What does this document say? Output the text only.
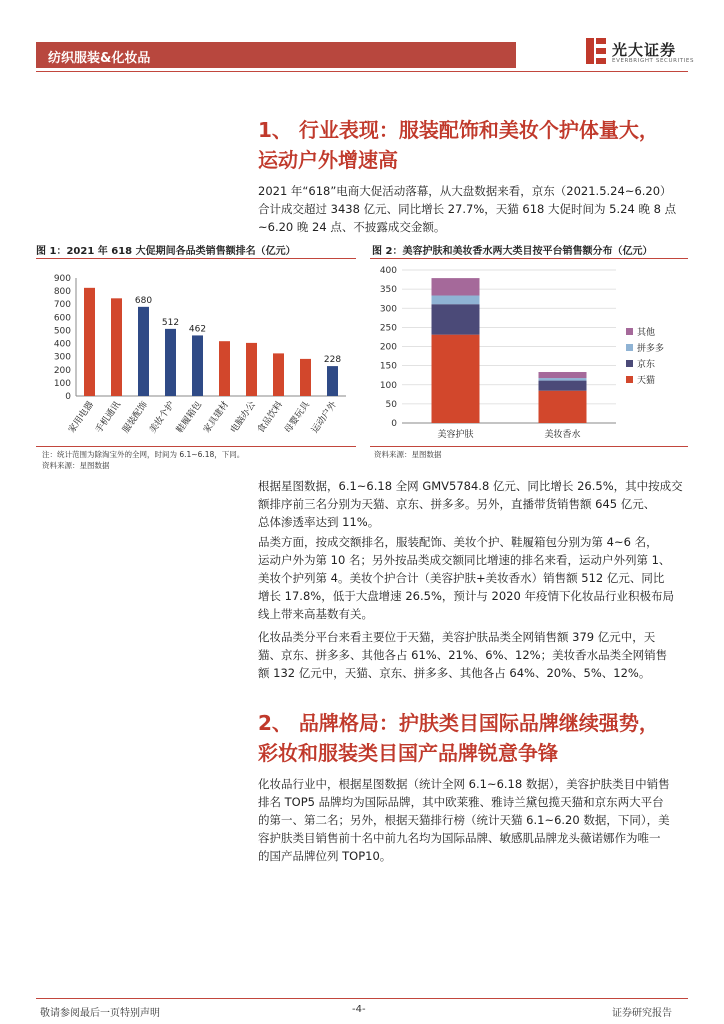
纺织服装&化妆品	光大证券
EVERBRIGHT SECURITIES
1、 行业表现：服装配饰和美妆个护体量大，
运动户外增速高
2021 年“618”电商大促活动落幕，从大盘数据来看，京东（2021.5.24~6.20）
合计成交超过 3438 亿元、同比增长 27.7%，天猫 618 大促时间为 5.24 晚 8 点
~6.20 晚 24 点、不披露成交金额。
图 1：2021 年 618 大促期间各品类销售额排名（亿元）	图 2：美容护肤和美妆香水两大类目按平台销售额分布（亿元）
0
100
200
300
400
500
600
700
800
900
家用电器
手机通讯
680
服装配饰
512
美妆个护
462
鞋履箱包
家具建材
电脑办公
食品饮料
母婴玩具
228
运动户外	0
50
100
150
200
250
300
350
400
美容护肤	美妆香水
其他
拼多多
京东
天猫
注：统计范围为除淘宝外的全网，时间为 6.1~6.18，下同。
资料来源：星图数据
资料来源：星图数据
根据星图数据，6.1~6.18 全网 GMV5784.8 亿元、同比增长 26.5%，其中按成交
额排序前三名分别为天猫、京东、拼多多。另外，直播带货销售额 645 亿元、
总体渗透率达到 11%。
品类方面，按成交额排名，服装配饰、美妆个护、鞋履箱包分别为第 4~6 名，
运动户外为第 10 名；另外按品类成交额同比增速的排名来看，运动户外列第 1、
美妆个护列第 4。美妆个护合计（美容护肤+美妆香水）销售额 512 亿元、同比
增长 17.8%，低于大盘增速 26.5%，预计与 2020 年疫情下化妆品行业积极布局
线上带来高基数有关。
化妆品类分平台来看主要位于天猫，美容护肤品类全网销售额 379 亿元中，天
猫、京东、拼多多、其他各占 61%、21%、6%、12%；美妆香水品类全网销售
额 132 亿元中，天猫、京东、拼多多、其他各占 64%、20%、5%、12%。
2、 品牌格局：护肤类目国际品牌继续强势，
彩妆和服装类目国产品牌锐意争锋
化妆品行业中，根据星图数据（统计全网 6.1~6.18 数据），美容护肤类目中销售
排名 TOP5 品牌均为国际品牌，其中欧莱雅、雅诗兰黛包揽天猫和京东两大平台
的第一、第二名；另外，根据天猫排行榜（统计天猫 6.1~6.20 数据，下同），美
容护肤类目销售前十名中前九名均为国际品牌、敏感肌品牌龙头薇诺娜作为唯一
的国产品牌位列 TOP10。
敬请参阅最后一页特别声明	-4-	证券研究报告
